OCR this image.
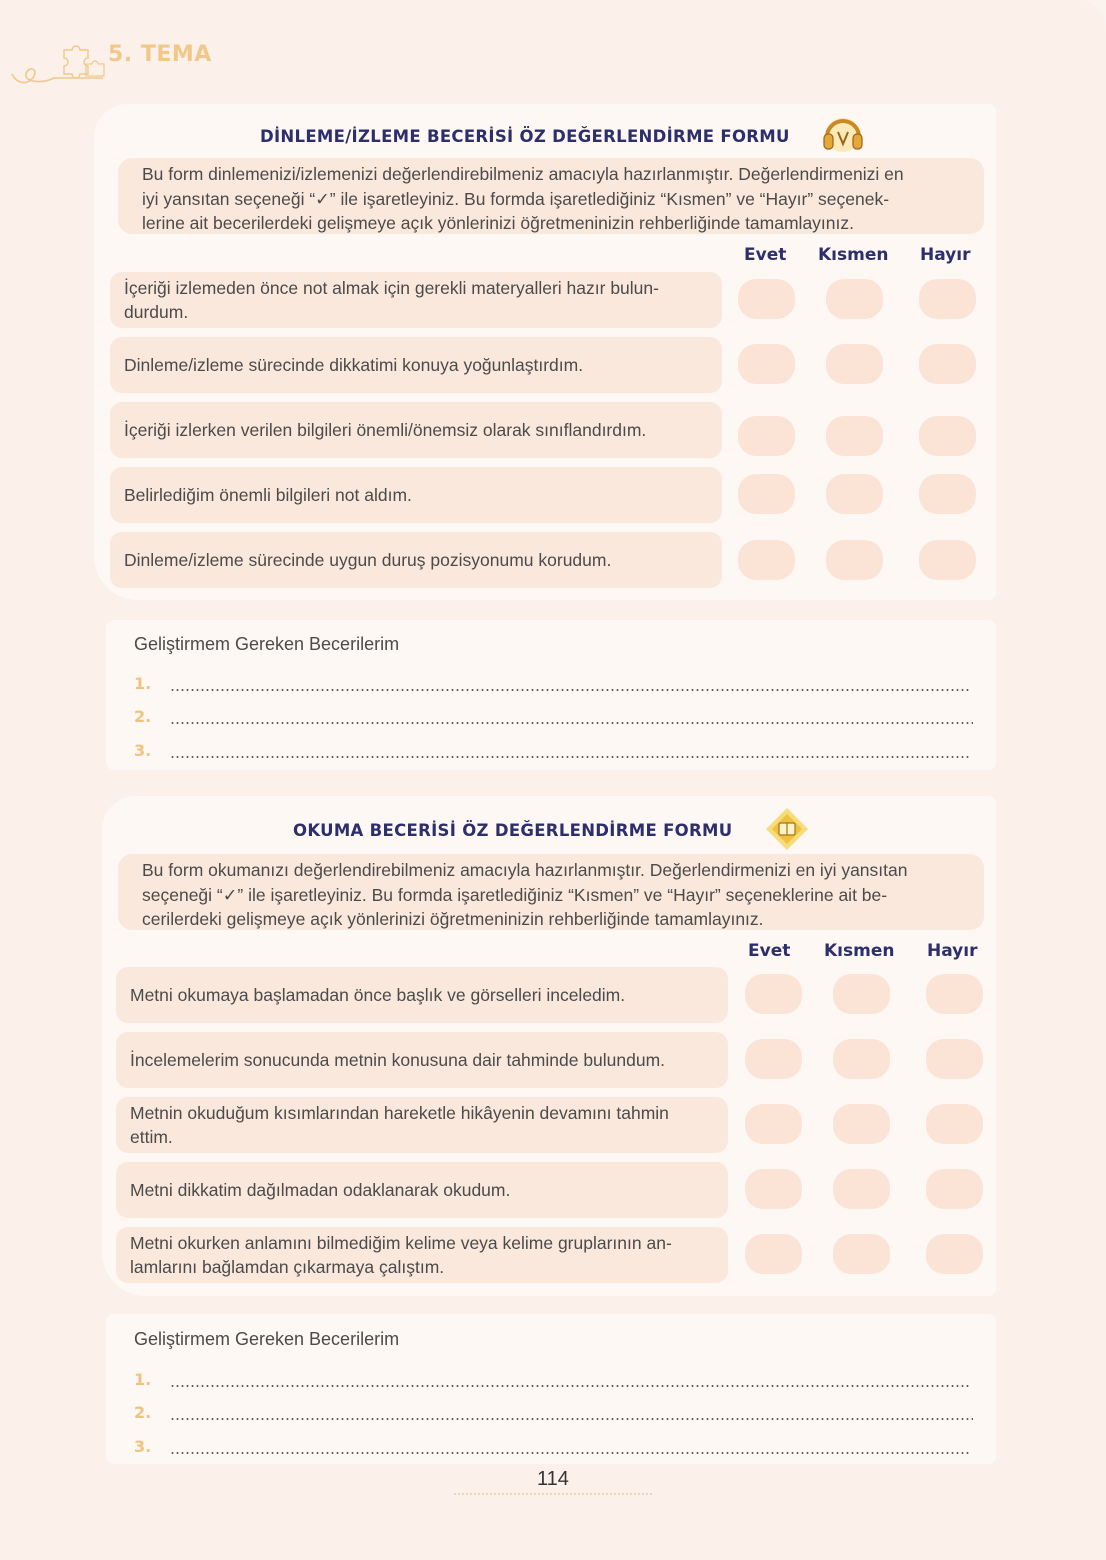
5. TEMA
DİNLEME/İZLEME BECERİSİ ÖZ DEĞERLENDİRME FORMU
Bu form dinlemenizi/izlemenizi değerlendirebilmeniz amacıyla hazırlanmıştır. Değerlendirmenizi en
iyi yansıtan seçeneği “✓” ile işaretleyiniz. Bu formda işaretlediğiniz “Kısmen” ve “Hayır” seçenek-
lerine ait becerilerdeki gelişmeye açık yönlerinizi öğretmeninizin rehberliğinde tamamlayınız.
Evet Kısmen Hayır
İçeriği izlemeden önce not almak için gerekli materyalleri hazır bulun-
durdum.
Dinleme/izleme sürecinde dikkatimi konuya yoğunlaştırdım.
İçeriği izlerken verilen bilgileri önemli/önemsiz olarak sınıflandırdım.
Belirlediğim önemli bilgileri not aldım.
Dinleme/izleme sürecinde uygun duruş pozisyonumu korudum.
Geliştirmem Gereken Becerilerim
1.
2.
3.
OKUMA BECERİSİ ÖZ DEĞERLENDİRME FORMU
Bu form okumanızı değerlendirebilmeniz amacıyla hazırlanmıştır. Değerlendirmenizi en iyi yansıtan
seçeneği “✓” ile işaretleyiniz. Bu formda işaretlediğiniz “Kısmen” ve “Hayır” seçeneklerine ait be-
cerilerdeki gelişmeye açık yönlerinizi öğretmeninizin rehberliğinde tamamlayınız.
Evet Kısmen Hayır
Metni okumaya başlamadan önce başlık ve görselleri inceledim.
İncelemelerim sonucunda metnin konusuna dair tahminde bulundum.
Metnin okuduğum kısımlarından hareketle hikâyenin devamını tahmin
ettim.
Metni dikkatim dağılmadan odaklanarak okudum.
Metni okurken anlamını bilmediğim kelime veya kelime gruplarının an-
lamlarını bağlamdan çıkarmaya çalıştım.
Geliştirmem Gereken Becerilerim
1.
2.
3.
114
